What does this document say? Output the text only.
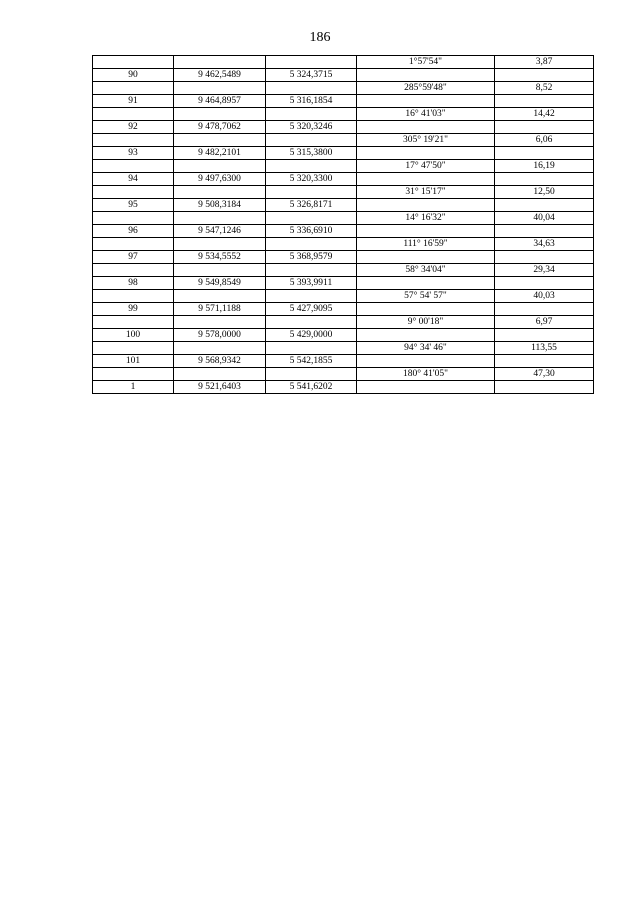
186
			1°57'54"	3,87
90	9 462,5489	5 324,3715		
			285°59'48"	8,52
91	9 464,8957	5 316,1854		
			16° 41'03"	14,42
92	9 478,7062	5 320,3246		
			305° 19'21"	6,06
93	9 482,2101	5 315,3800		
			17° 47'50"	16,19
94	9 497,6300	5 320,3300		
			31° 15'17"	12,50
95	9 508,3184	5 326,8171		
			14° 16'32"	40,04
96	9 547,1246	5 336,6910		
			111° 16'59"	34,63
97	9 534,5552	5 368,9579		
			58° 34'04"	29,34
98	9 549,8549	5 393,9911		
			57° 54' 57"	40,03
99	9 571,1188	5 427,9095		
			9° 00'18"	6,97
100	9 578,0000	5 429,0000		
			94° 34' 46"	113,55
101	9 568,9342	5 542,1855		
			180° 41'05"	47,30
1	9 521,6403	5 541,6202		
